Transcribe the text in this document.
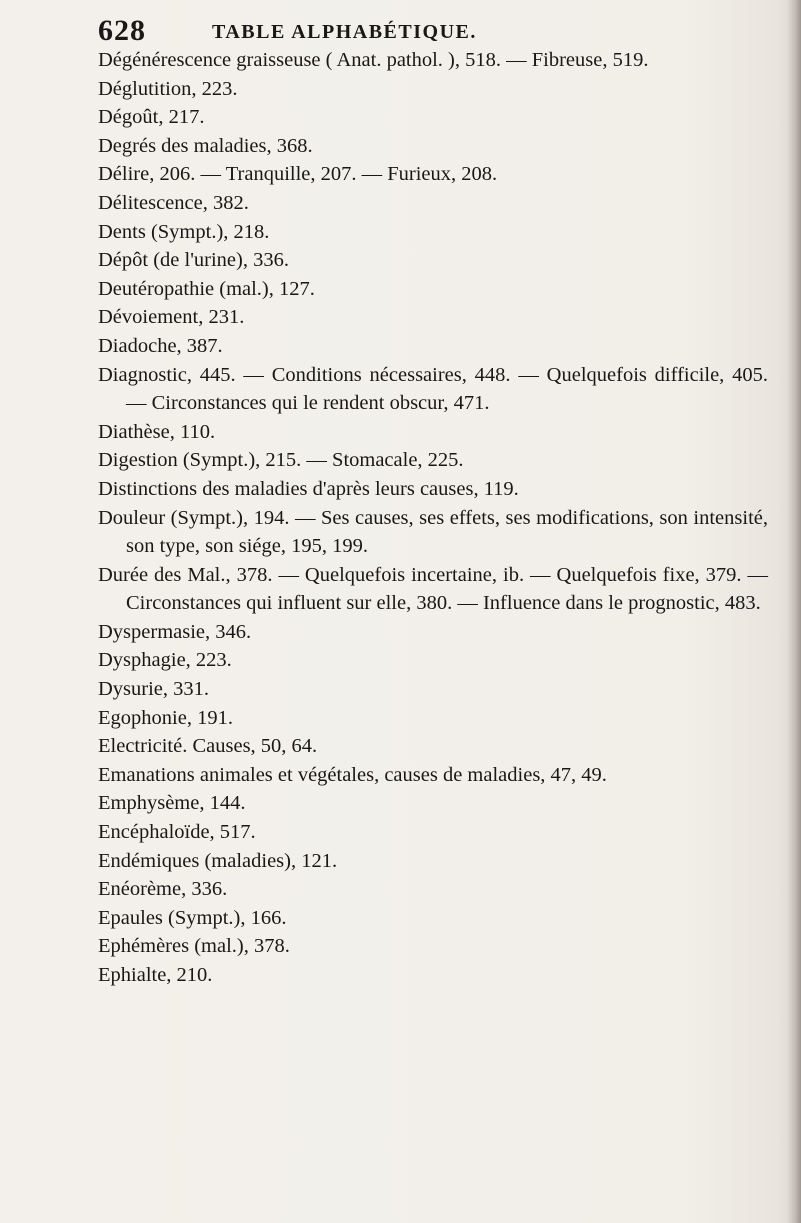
628	TABLE ALPHABÉTIQUE.

Dégénérescence graisseuse ( Anat. pathol. ), 518. — Fibreuse, 519.

Déglutition, 223.

Dégoût, 217.

Degrés des maladies, 368.

Délire, 206. — Tranquille, 207. — Furieux, 208.

Délitescence, 382.

Dents (Sympt.), 218.

Dépôt (de l'urine), 336.

Deutéropathie (mal.), 127.

Dévoiement, 231.

Diadoche, 387.

Diagnostic, 445. — Conditions nécessaires, 448. — Quelquefois difficile, 405. — Circonstances qui le rendent obscur, 471.

Diathèse, 110.

Digestion (Sympt.), 215. — Stomacale, 225.

Distinctions des maladies d'après leurs causes, 119.

Douleur (Sympt.), 194. — Ses causes, ses effets, ses modifications, son intensité, son type, son siége, 195, 199.

Durée des Mal., 378. — Quelquefois incertaine, ib. — Quelquefois fixe, 379. — Circonstances qui influent sur elle, 380. — Influence dans le prognostic, 483.

Dyspermasie, 346.

Dysphagie, 223.

Dysurie, 331.

Egophonie, 191.

Electricité. Causes, 50, 64.

Emanations animales et végétales, causes de maladies, 47, 49.

Emphysème, 144.

Encéphaloïde, 517.

Endémiques (maladies), 121.

Enéorème, 336.

Epaules (Sympt.), 166.

Ephémères (mal.), 378.

Ephialte, 210.
